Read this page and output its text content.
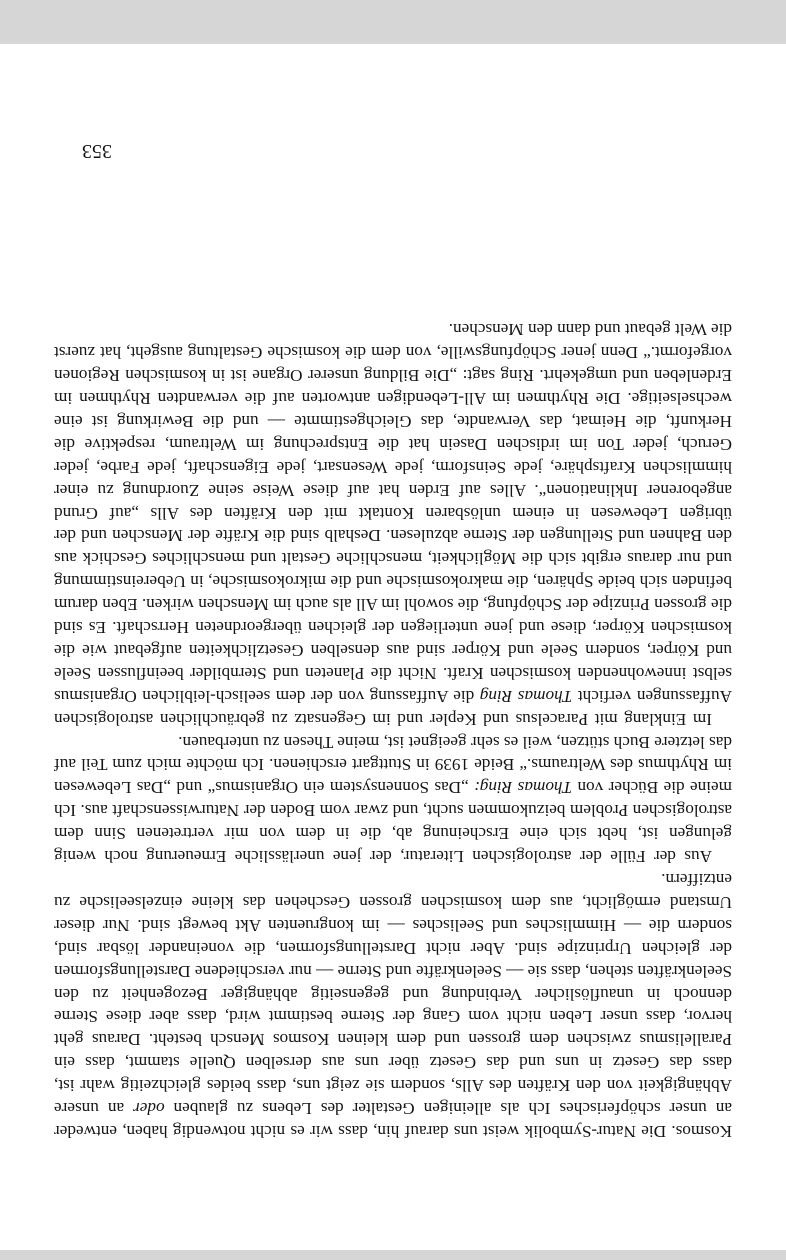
Kosmos. Die Natur-Symbolik weist uns darauf hin, dass wir es nicht notwendig haben, entweder an unser schöpferisches Ich als alleinigen Gestalter des Lebens zu glauben oder an unsere Abhängigkeit von den Kräften des Alls, sondern sie zeigt uns, dass beides gleichzeitig wahr ist, dass das Gesetz in uns und das Gesetz über uns aus derselben Quelle stammt, dass ein Parallelismus zwischen dem grossen und dem kleinen Kosmos Mensch besteht. Daraus geht hervor, dass unser Leben nicht vom Gang der Sterne bestimmt wird, dass aber diese Sterne dennoch in unauflöslicher Verbindung und gegenseitig abhängiger Bezogenheit zu den Seelenkräften stehen, dass sie — Seelenkräfte und Sterne — nur verschiedene Darstellungsformen der gleichen Urprinzipe sind. Aber nicht Darstellungsformen, die voneinander lösbar sind, sondern die — Himmlisches und Seelisches — im kongruenten Akt bewegt sind. Nur dieser Umstand ermöglicht, aus dem kosmischen grossen Geschehen das kleine einzelseelische zu entziffern.

Aus der Fülle der astrologischen Literatur, der jene unerlässliche Erneuerung noch wenig gelungen ist, hebt sich eine Erscheinung ab, die in dem von mir vertretenen Sinn dem astrologischen Problem beizukommen sucht, und zwar vom Boden der Naturwissenschaft aus. Ich meine die Bücher von Thomas Ring: „Das Sonnensystem ein Organismus“ und „Das Lebewesen im Rhythmus des Weltraums.“ Beide 1939 in Stuttgart erschienen. Ich möchte mich zum Teil auf das letztere Buch stützen, weil es sehr geeignet ist, meine Thesen zu unterbauen.

Im Einklang mit Paracelsus und Kepler und im Gegensatz zu gebräuchlichen astrologischen Auffassungen verficht Thomas Ring die Auffassung von der dem seelisch-leiblichen Organismus selbst innewohnenden kosmischen Kraft. Nicht die Planeten und Sternbilder beeinflussen Seele und Körper, sondern Seele und Körper sind aus denselben Gesetzlichkeiten aufgebaut wie die kosmischen Körper, diese und jene unterliegen der gleichen übergeordneten Herrschaft. Es sind die grossen Prinzipe der Schöpfung, die sowohl im All als auch im Menschen wirken. Eben darum befinden sich beide Sphären, die makrokosmische und die mikrokosmische, in Uebereinstimmung und nur daraus ergibt sich die Möglichkeit, menschliche Gestalt und menschliches Geschick aus den Bahnen und Stellungen der Sterne abzulesen. Deshalb sind die Kräfte der Menschen und der übrigen Lebewesen in einem unlösbaren Kontakt mit den Kräften des Alls „auf Grund angeborener Inklinationen“. Alles auf Erden hat auf diese Weise seine Zuordnung zu einer himmlischen Kraftsphäre, jede Seinsform, jede Wesensart, jede Eigenschaft, jede Farbe, jeder Geruch, jeder Ton im irdischen Dasein hat die Entsprechung im Weltraum, respektive die Herkunft, die Heimat, das Verwandte, das Gleichgestimmte — und die Bewirkung ist eine wechselseitige. Die Rhythmen im All-Lebendigen antworten auf die verwandten Rhythmen im Erdenleben und umgekehrt. Ring sagt: „Die Bildung unserer Organe ist in kosmischen Regionen vorgeformt.“ Denn jener Schöpfungswille, von dem die kosmische Gestaltung ausgeht, hat zuerst die Welt gebaut und dann den Menschen.

353
